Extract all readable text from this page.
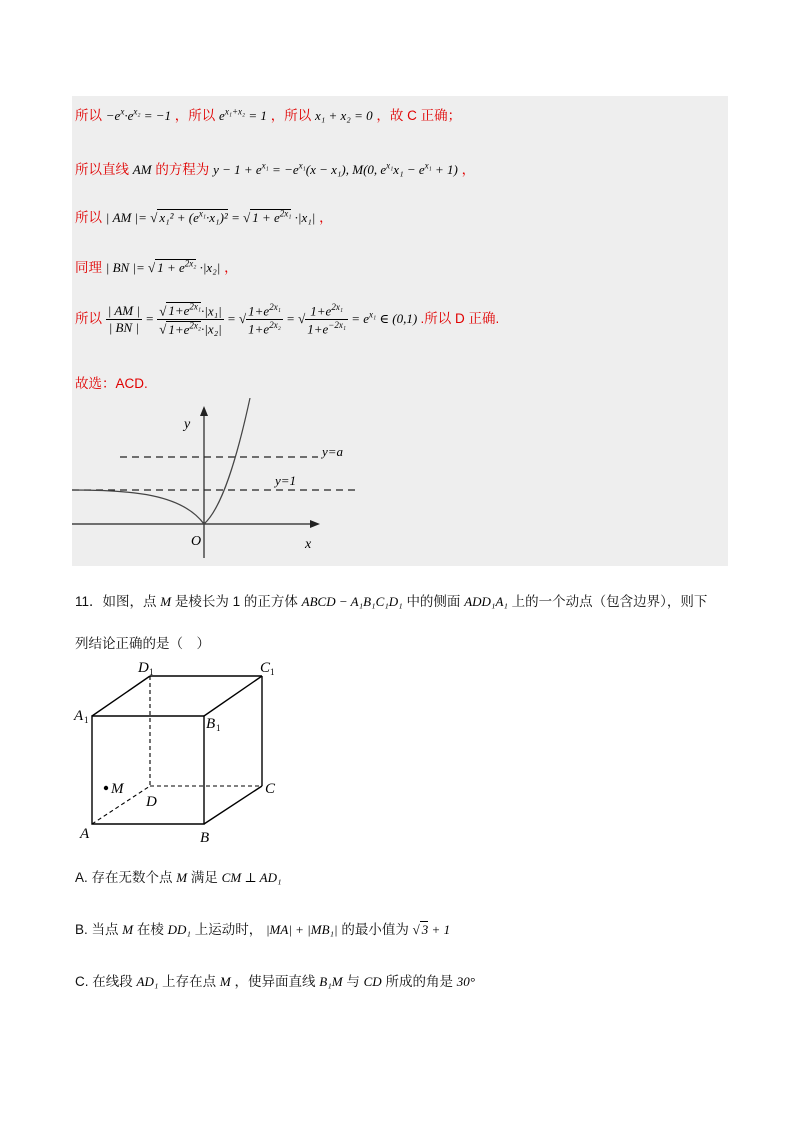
所以 $-e^x\cdot e^{x_2} = -1$ ，所以 $e^{x_1+x_2} = 1$ ，所以 x₁ + x₂ = 0 ，故 C 正确；
所以直线 AM 的方程为 $y - 1 + e^{x_1} = -e^{x_1}(x - x_1)$, M(0, $e^{x_1}x_1 - e^{x_1} + 1$) ，
所以 | AM |= √ $x_1^2 + (e^{x_1}\cdot x_1)^2$ = √ $1 + e^{2x_1} \cdot|x_1|$ ，
同理 | BN |= √ $1 + e^{2x_2} \cdot|x_2|$ ，
所以 $\frac{| AM |}{| BN |} = \frac{√ 1+e^{2x_1}\cdot|x_1|}{√ 1+e^{2x_2}\cdot|x_2|}$ = √ $\frac{1+e^{2x_1}}{1+e^{2x_2}}$ = √ $\frac{1+e^{2x_1}}{1+e^{-2x_1}} = e^{x_1}$ ∈ (0,1) .所以 D 正确.
故选：ACD.
y
x
O
y=a
y=1
11．如图，点 M 是棱长为 1 的正方体 ABCD − A₁B₁C₁D₁ 中的侧面 ADD₁A₁ 上的一个动点（包含边界），则下
列结论正确的是（　）
M
D 1	C 1
A 1	B 1
D
C
A	B
A. 存在无数个点 M 满足 CM ⊥ AD₁
B. 当点 M 在棱 DD₁ 上运动时， |MA| + |MB₁| 的最小值为 √ 3 + 1
C. 在线段 AD₁ 上存在点 M ，使异面直线 B₁M 与 CD 所成的角是 30°
